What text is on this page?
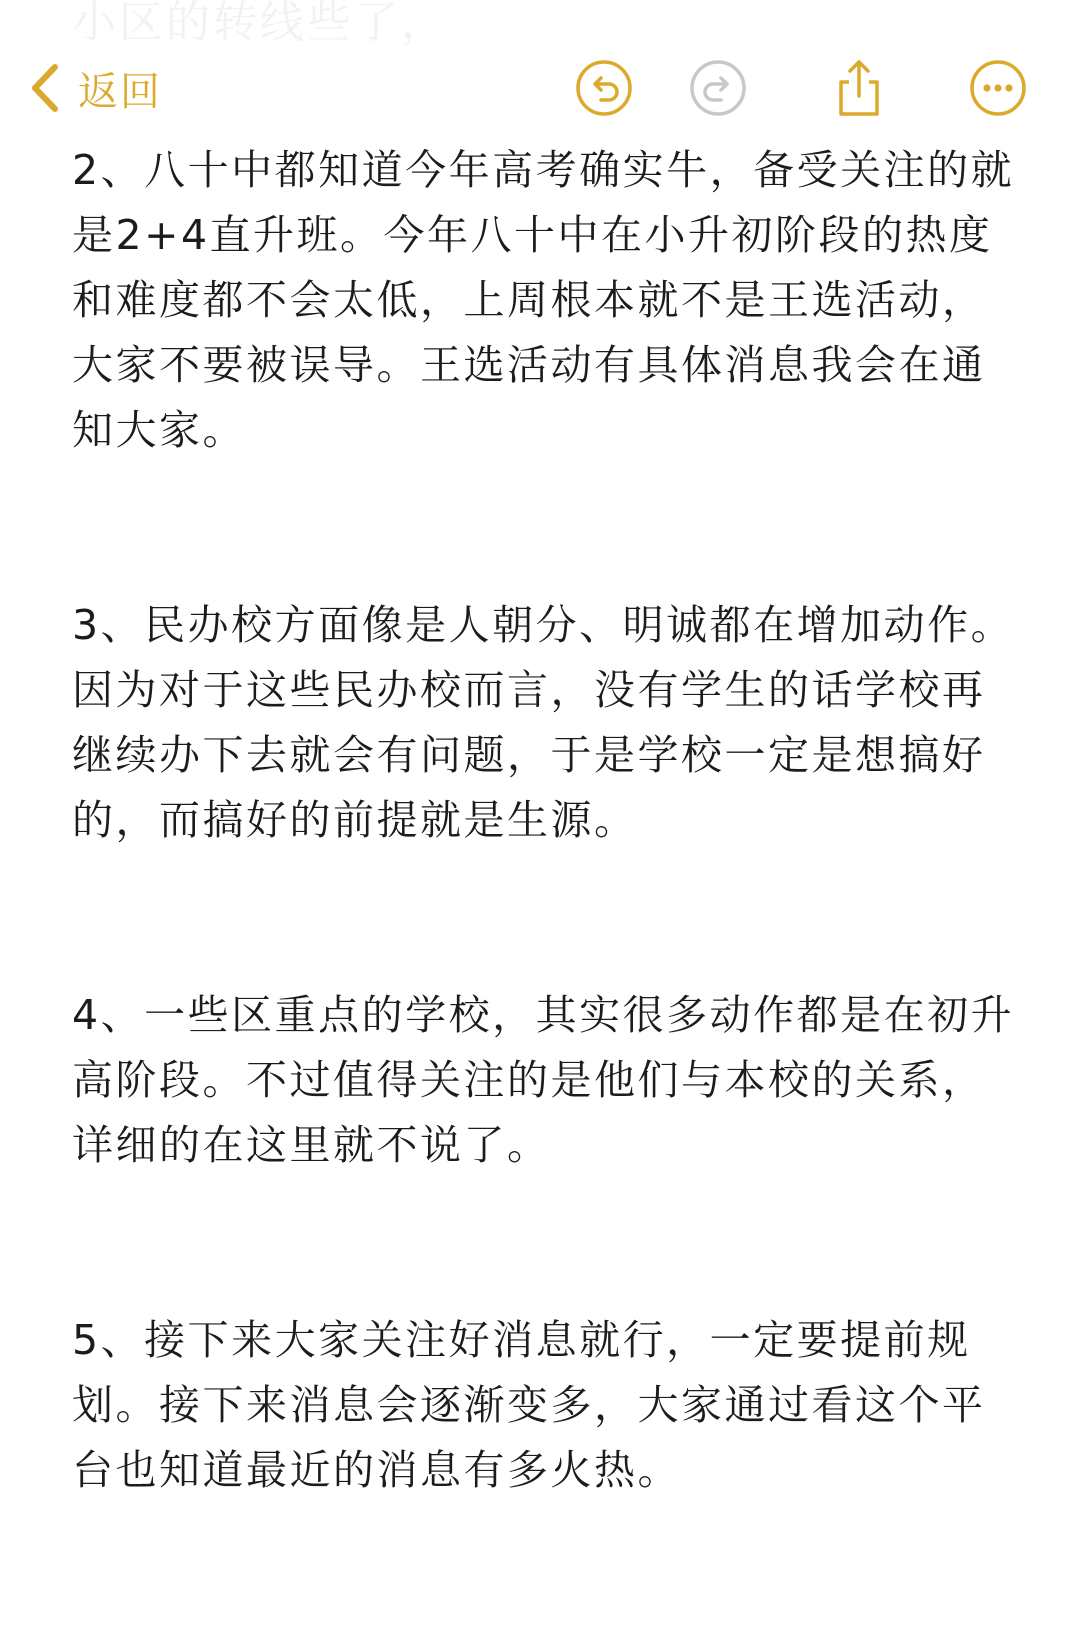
小区的转线些了，
返回

2、八十中都知道今年高考确实牛，备受关注的就是2+4直升班。今年八十中在小升初阶段的热度和难度都不会太低，上周根本就不是王选活动，大家不要被误导。王选活动有具体消息我会在通知大家。

3、民办校方面像是人朝分、明诚都在增加动作。因为对于这些民办校而言，没有学生的话学校再继续办下去就会有问题，于是学校一定是想搞好的，而搞好的前提就是生源。

4、一些区重点的学校，其实很多动作都是在初升高阶段。不过值得关注的是他们与本校的关系，详细的在这里就不说了。

5、接下来大家关注好消息就行，一定要提前规划。接下来消息会逐渐变多，大家通过看这个平台也知道最近的消息有多火热。
